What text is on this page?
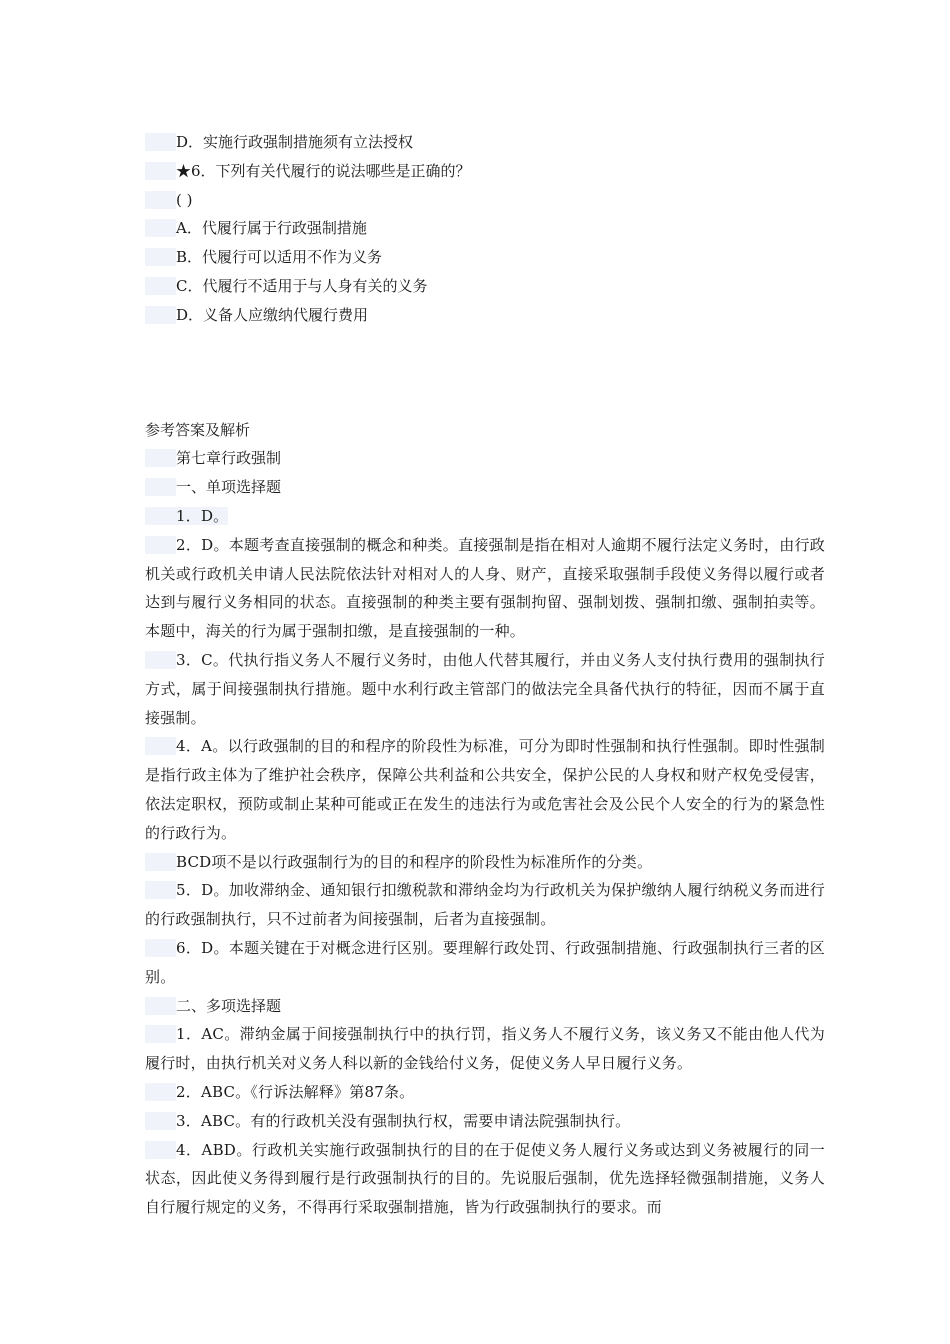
D．实施行政强制措施须有立法授权
★6．下列有关代履行的说法哪些是正确的？
( )
A．代履行属于行政强制措施
B．代履行可以适用不作为义务
C．代履行不适用于与人身有关的义务
D．义备人应缴纳代履行费用
参考答案及解析
第七章行政强制
一、单项选择题
1．D。
2．D。本题考查直接强制的概念和种类。直接强制是指在相对人逾期不履行法定义务时，由行政机关或行政机关申请人民法院依法针对相对人的人身、财产，直接采取强制手段使义务得以履行或者达到与履行义务相同的状态。直接强制的种类主要有强制拘留、强制划拨、强制扣缴、强制拍卖等。本题中，海关的行为属于强制扣缴，是直接强制的一种。
3．C。代执行指义务人不履行义务时，由他人代替其履行，并由义务人支付执行费用的强制执行方式，属于间接强制执行措施。题中水利行政主管部门的做法完全具备代执行的特征，因而不属于直接强制。
4．A。以行政强制的目的和程序的阶段性为标准，可分为即时性强制和执行性强制。即时性强制是指行政主体为了维护社会秩序，保障公共利益和公共安全，保护公民的人身权和财产权免受侵害，依法定职权，预防或制止某种可能或正在发生的违法行为或危害社会及公民个人安全的行为的紧急性的行政行为。
BCD项不是以行政强制行为的目的和程序的阶段性为标准所作的分类。
5．D。加收滞纳金、通知银行扣缴税款和滞纳金均为行政机关为保护缴纳人履行纳税义务而进行的行政强制执行，只不过前者为间接强制，后者为直接强制。
6．D。本题关键在于对概念进行区别。要理解行政处罚、行政强制措施、行政强制执行三者的区别。
二、多项选择题
1．AC。滞纳金属于间接强制执行中的执行罚，指义务人不履行义务，该义务又不能由他人代为履行时，由执行机关对义务人科以新的金钱给付义务，促使义务人早日履行义务。
2．ABC。《行诉法解释》第87条。
3．ABC。有的行政机关没有强制执行权，需要申请法院强制执行。
4．ABD。行政机关实施行政强制执行的目的在于促使义务人履行义务或达到义务被履行的同一状态，因此使义务得到履行是行政强制执行的目的。先说服后强制，优先选择轻微强制措施，义务人自行履行规定的义务，不得再行采取强制措施，皆为行政强制执行的要求。而
